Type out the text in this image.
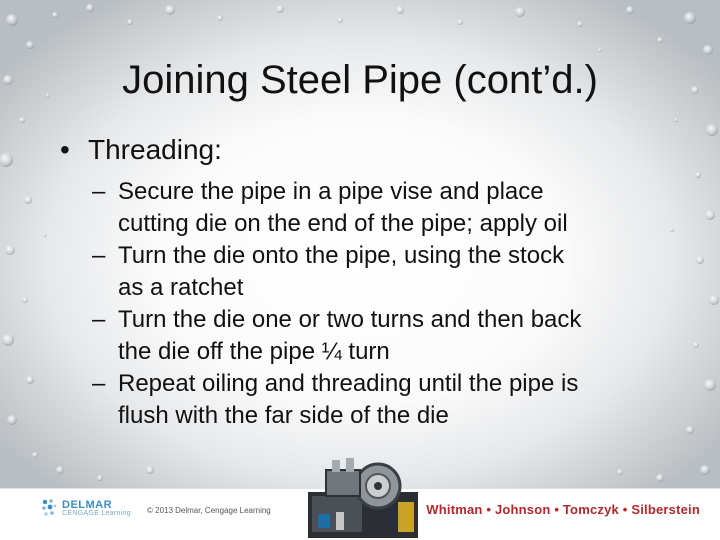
Joining Steel Pipe (cont’d.)
• Threading:
– Secure the pipe in a pipe vise and place

cutting die on the end of the pipe; apply oil

– Turn the die onto the pipe, using the stock

as a ratchet

– Turn the die one or two turns and then back

the die off the pipe ¼ turn

– Repeat oiling and threading until the pipe is

flush with the far side of the die

DELMAR
CENGAGE Learning © 2013 Delmar, Cengage Learning	Whitman • Johnson • Tomczyk • Silberstein
